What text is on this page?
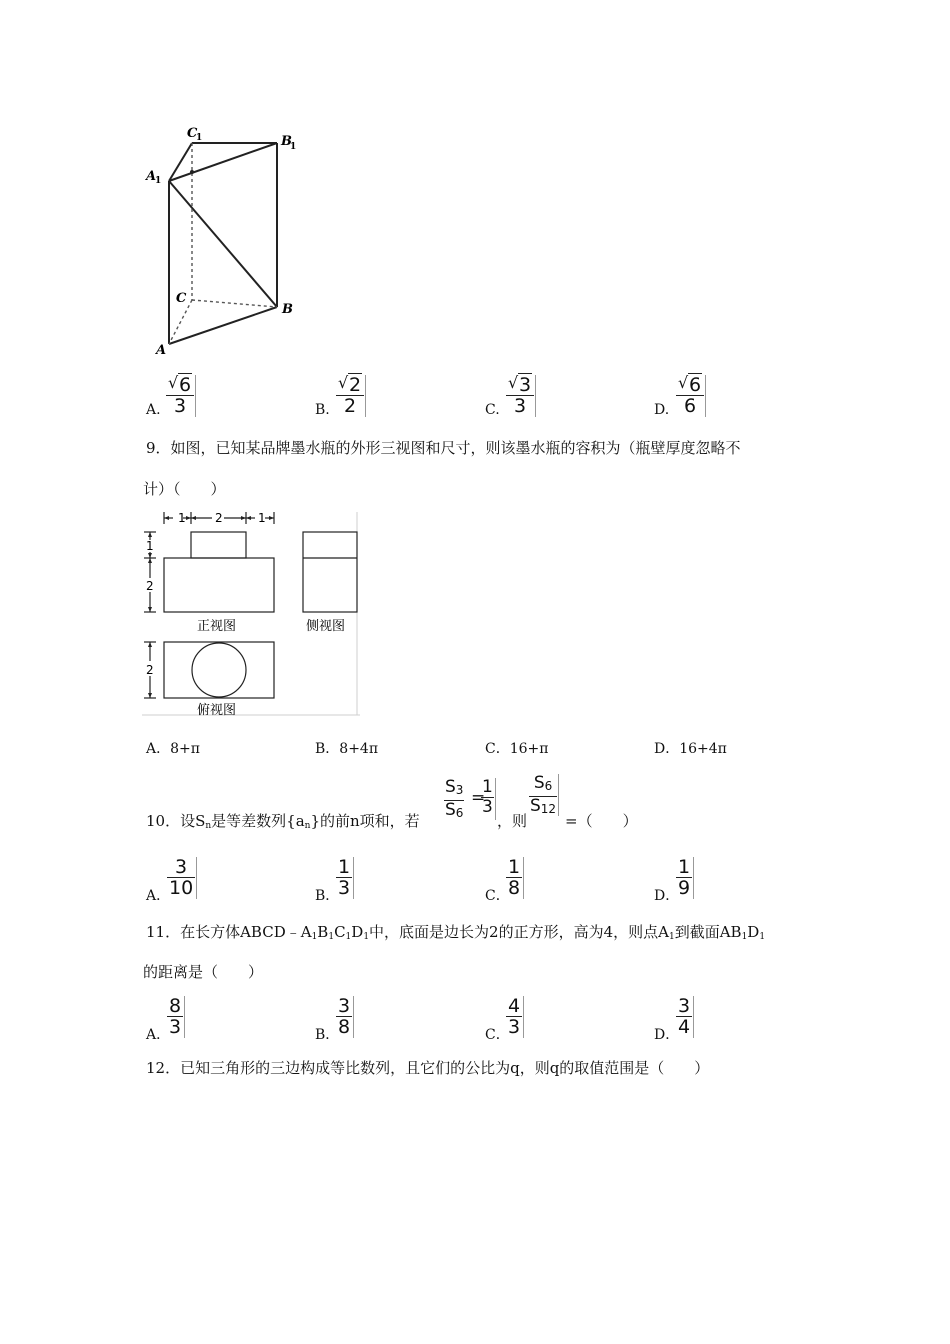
C
1	B
1
A
1
C
B
A
A. $\frac{√ 6}{3}$	B. $\frac{√ 2}{2}$	C. $\frac{√ 3}{3}$	D. $\frac{√ 6}{6}$
9．如图，已知某品牌墨水瓶的外形三视图和尺寸，则该墨水瓶的容积为（瓶壁厚度忽略不
计）（　　）
1 2	1
1
2
2
正视图	侧视图
俯视图
A．8+π	B．8+4π	C．16+π	D．16+4π
10．设$S_n$是等差数列$\{a_n\}$的前n项和，若 $\frac{S3}{S6}$ =
$\frac{1}{3}$
，则
$\frac{S6}{S12}$
=（　　）
A．
$\frac{3}{10}$	B．
$\frac{1}{3}$	C．
$\frac{1}{8}$	D．
$\frac{1}{9}$
11．在长方体$ABCD﹣A_1B_1C_1D_1$中，底面是边长为2的正方形，高为4，则点$A_1$到截面$AB_1D_1$
的距离是（　　）
A．
$\frac{8}{3}$	B．
$\frac{3}{8}$	C．
$\frac{4}{3}$	D．
$\frac{3}{4}$
12．已知三角形的三边构成等比数列，且它们的公比为q，则q的取值范围是（　　）
